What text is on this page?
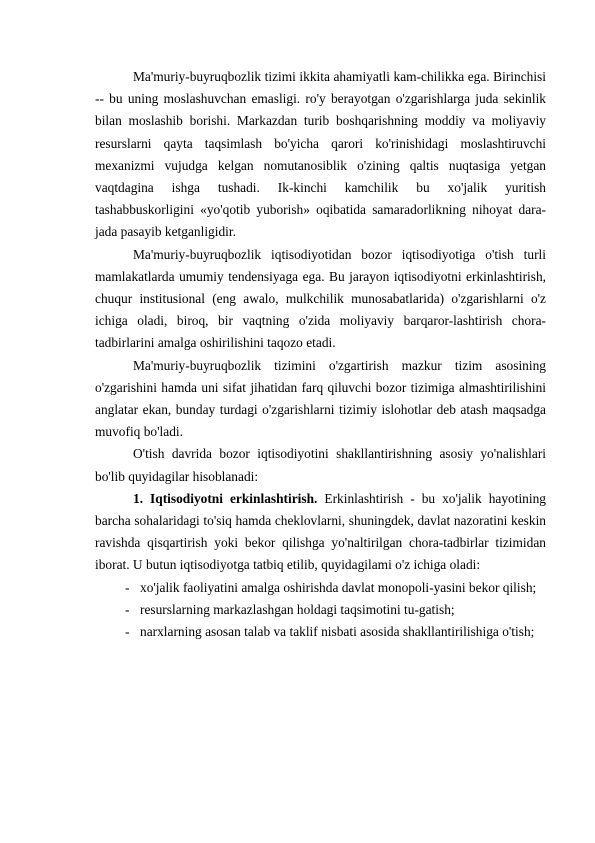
Ma'muriy-buyruqbozlik tizimi ikkita ahamiyatli kam-chilikka ega. Birinchisi -- bu uning moslashuvchan emasligi. ro'y berayotgan o'zgarishlarga juda sekinlik bilan moslashib borishi. Markazdan turib boshqarishning moddiy va moliyaviy resurslarni qayta taqsimlash bo'yicha qarori ko'rinishidagi moslashtiruvchi mexanizmi vujudga kelgan nomutanosiblik o'zining qaltis nuqtasiga yetgan vaqtdagina ishga tushadi. Ik-kinchi kamchilik bu xo'jalik yuritish tashabbuskorligini «yo'qotib yuborish» oqibatida samaradorlikning nihoyat dara-jada pasayib ketganligidir.

Ma'muriy-buyruqbozlik iqtisodiyotidan bozor iqtisodiyotiga o'tish turli mamlakatlarda umumiy tendensiyaga ega. Bu jarayon iqtisodiyotni erkinlashtirish, chuqur institusional (eng awalo, mulkchilik munosabatlarida) o'zgarishlarni o'z ichiga oladi, biroq, bir vaqtning o'zida moliyaviy barqaror-lashtirish chora-tadbirlarini amalga oshirilishini taqozo etadi.

Ma'muriy-buyruqbozlik tizimini o'zgartirish mazkur tizim asosining o'zgarishini hamda uni sifat jihatidan farq qiluvchi bozor tizimiga almashtirilishini anglatar ekan, bunday turdagi o'zgarishlarni tizimiy islohotlar deb atash maqsadga muvofiq bo'ladi.

O'tish davrida bozor iqtisodiyotini shakllantirishning asosiy yo'nalishlari bo'lib quyidagilar hisoblanadi:

1. Iqtisodiyotni erkinlashtirish. Erkinlashtirish - bu xo'jalik hayotining barcha sohalaridagi to'siq hamda cheklovlarni, shuningdek, davlat nazoratini keskin ravishda qisqartirish yoki bekor qilishga yo'naltirilgan chora-tadbirlar tizimidan iborat. U butun iqtisodiyotga tatbiq etilib, quyidagilami o'z ichiga oladi:

- xo'jalik faoliyatini amalga oshirishda davlat monopoli-yasini bekor qilish;

- resurslarning markazlashgan holdagi taqsimotini tu-gatish;

- narxlarning asosan talab va taklif nisbati asosida shakllantirilishiga o'tish;
